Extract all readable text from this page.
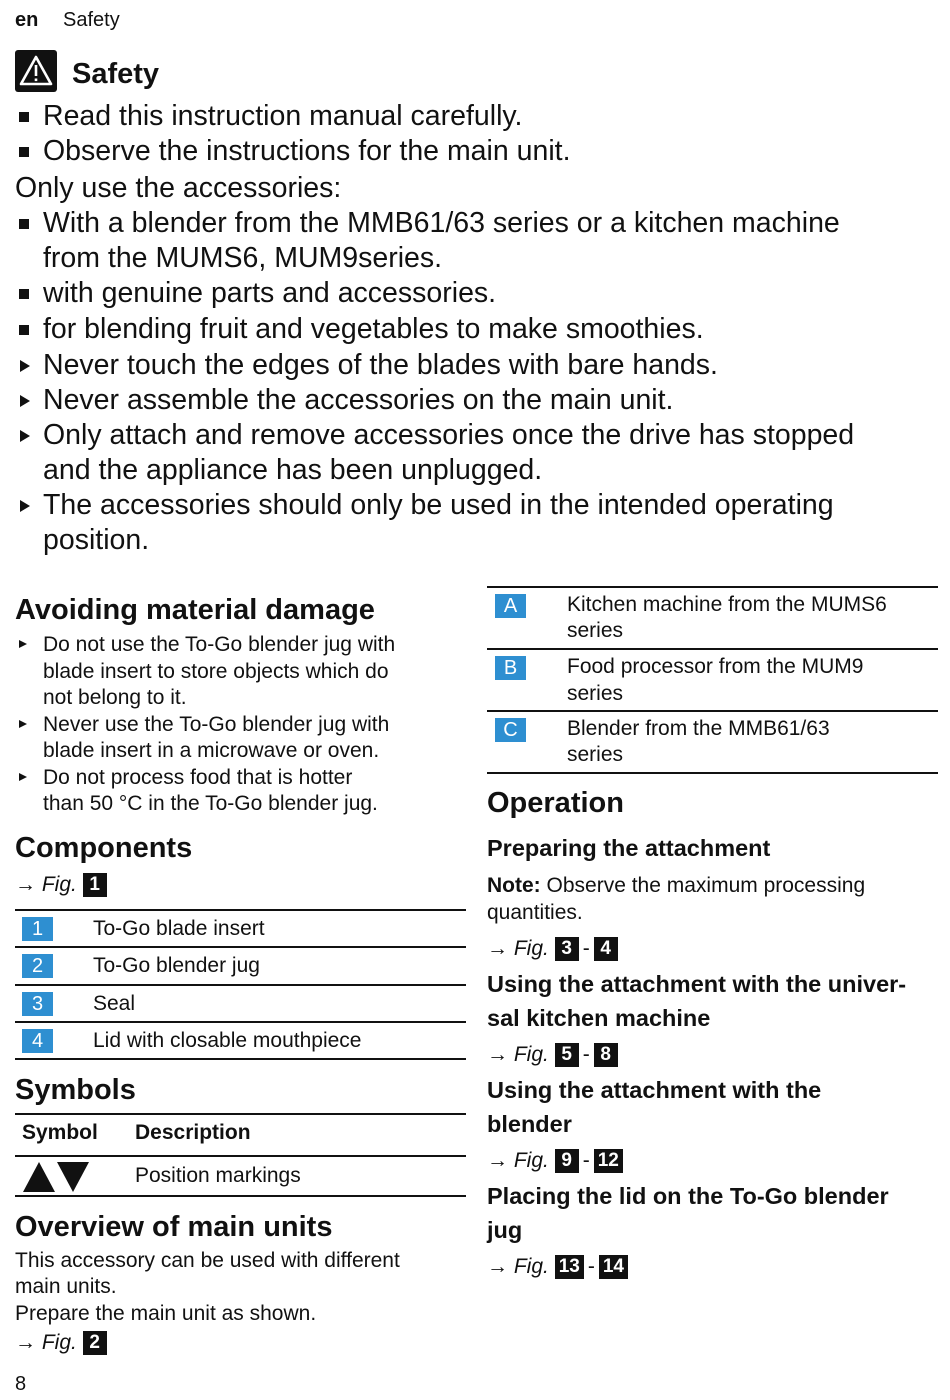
en Safety
Safety
Read this instruction manual carefully.
Observe the instructions for the main unit.
Only use the accessories:
With a blender from the MMB61/63 series or a kitchen machine
from the MUMS6, MUM9series.
with genuine parts and accessories.
for blending fruit and vegetables to make smoothies.
Never touch the edges of the blades with bare hands.
Never assemble the accessories on the main unit.
Only attach and remove accessories once the drive has stopped
and the appliance has been unplugged.
The accessories should only be used in the intended operating
position.
Avoiding material damage
Do not use the To-Go blender jug with
blade insert to store objects which do
not belong to it.
Never use the To-Go blender jug with
blade insert in a microwave or oven.
Do not process food that is hotter
than 50 °C in the To-Go blender jug.
Components
→ Fig. 1
1	To-Go blade insert
2	To-Go blender jug
3	Seal
4	Lid with closable mouthpiece
Symbols
Symbol Description
Position markings
Overview of main units
This accessory can be used with different
main units.
Prepare the main unit as shown.
→ Fig. 2
A	Kitchen machine from the MUMS6
series
B	Food processor from the MUM9
series
C	Blender from the MMB61/63
series
Operation
Preparing the attachment
Note: Observe the maximum processing
quantities.
→ Fig. 3 - 4
Using the attachment with the univer-
sal kitchen machine
→ Fig. 5 - 8
Using the attachment with the
blender
→ Fig. 9 - 12
Placing the lid on the To-Go blender
jug
→ Fig. 13 - 14
8
